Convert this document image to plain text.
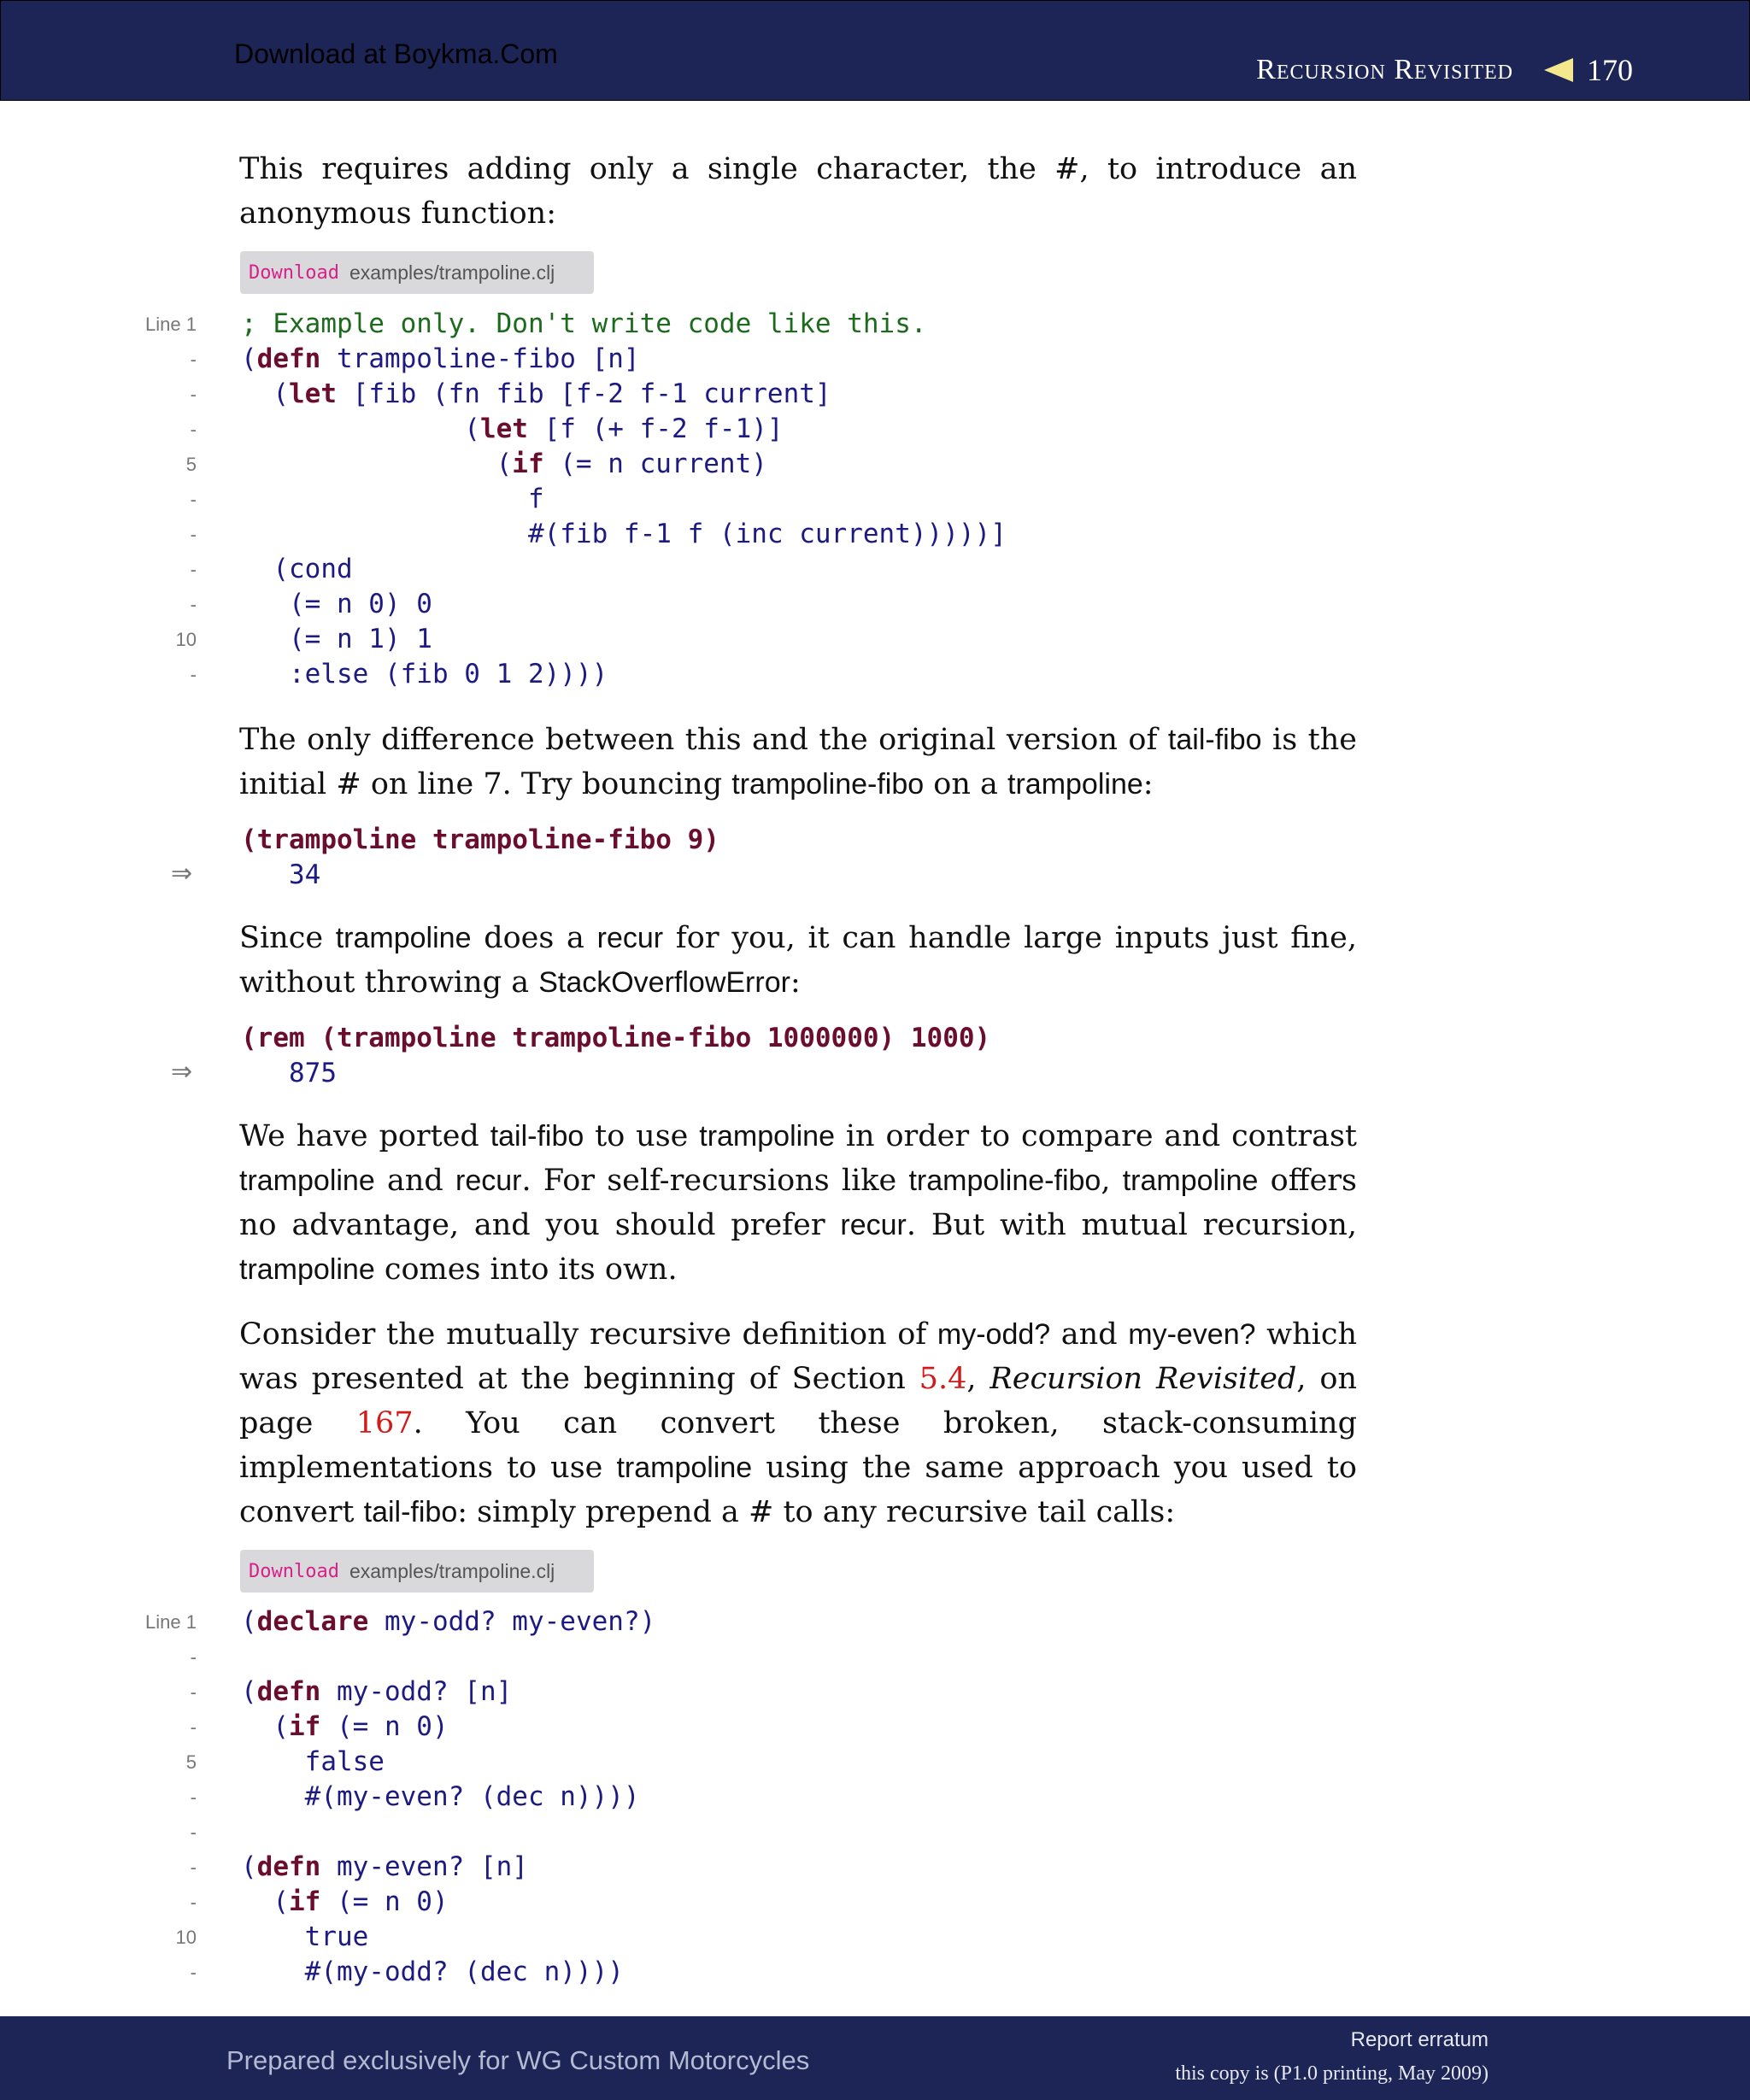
Download at Boykma.Com	Recursion Revisited 170

This requires adding only a single character, the #, to introduce an anonymous function:

Download examples/trampoline.clj
Line 1
-
-
-
5
-
-
-
-
10
-
; Example only. Don't write code like this.
(defn trampoline-fibo [n]
(let [fib (fn fib [f-2 f-1 current]
(let [f (+ f-2 f-1)]
(if (= n current)
f
#(fib f-1 f (inc current)))))]
(cond
(= n 0) 0
(= n 1) 1
:else (fib 0 1 2))))

The only difference between this and the original version of tail-fibo is the initial # on line 7. Try bouncing trampoline-fibo on a trampoline:

(trampoline trampoline-fibo 9)
34
⇒

Since trampoline does a recur for you, it can handle large inputs just fine, without throwing a StackOverflowError:

(rem (trampoline trampoline-fibo 1000000) 1000)
875
⇒

We have ported tail-fibo to use trampoline in order to compare and contrast trampoline and recur. For self-recursions like trampoline-fibo, trampoline offers no advantage, and you should prefer recur. But with mutual recursion, trampoline comes into its own.

Consider the mutually recursive definition of my-odd? and my-even? which was presented at the beginning of Section 5.4, Recursion Revisited, on page 167. You can convert these broken, stack-consuming implementations to use trampoline using the same approach you used to convert tail-fibo: simply prepend a # to any recursive tail calls:

Download examples/trampoline.clj
Line 1
-
-
-
5
-
-
-
-
10
-
(declare my-odd? my-even?)

(defn my-odd? [n]
(if (= n 0)
false
#(my-even? (dec n))))

(defn my-even? [n]
(if (= n 0)
true
#(my-odd? (dec n))))
Prepared exclusively for WG Custom Motorcycles
Report erratum
this copy is (P1.0 printing, May 2009)
